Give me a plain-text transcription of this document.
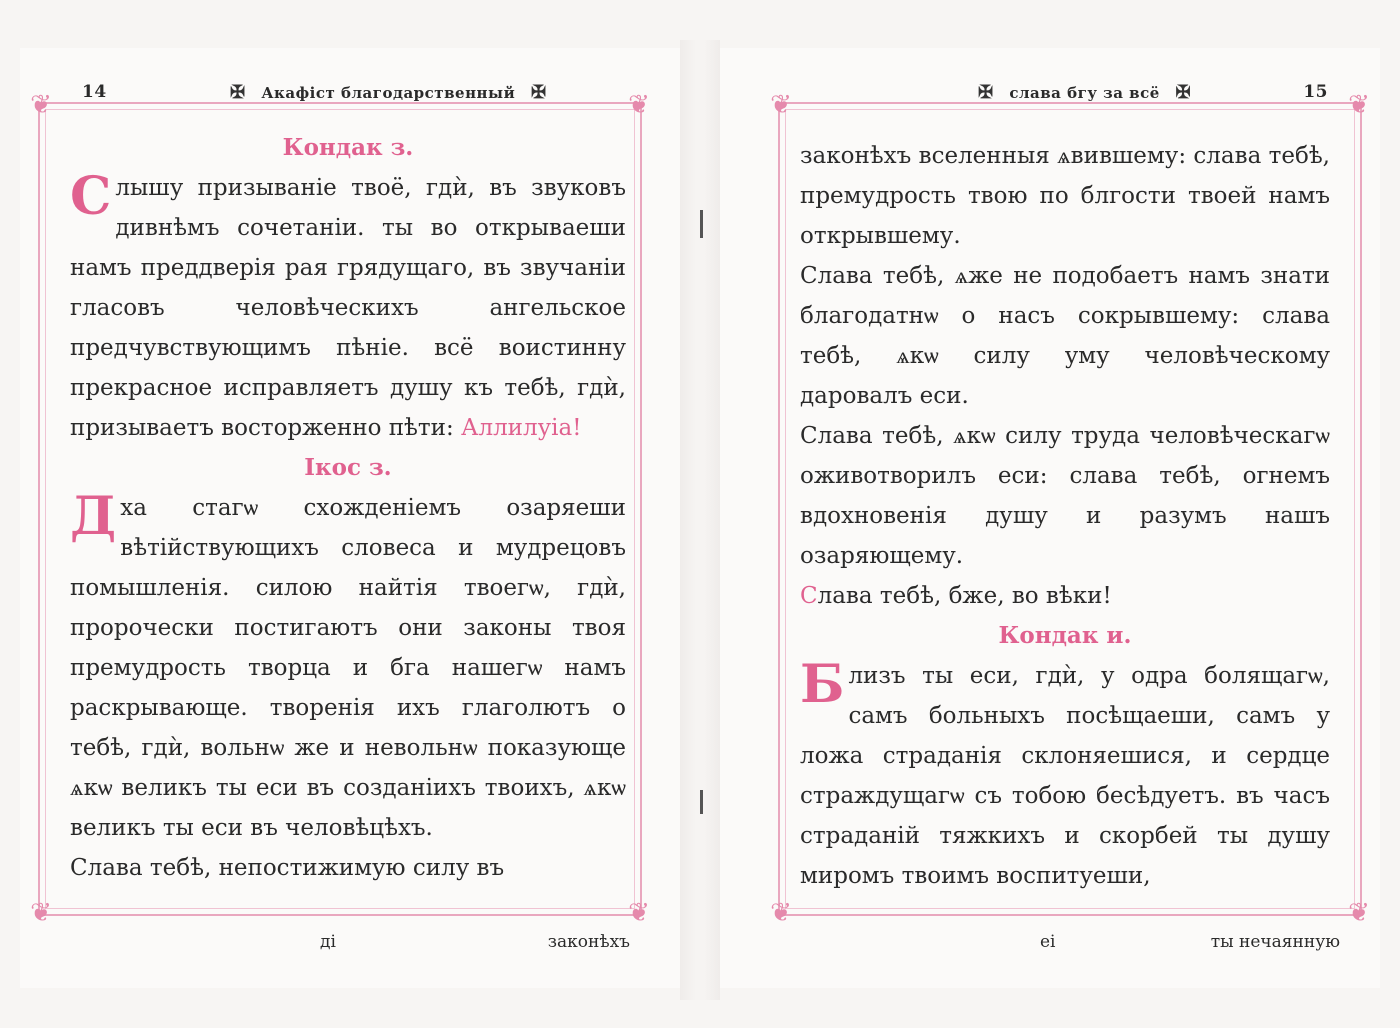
14	✠ Акафіст благодарственный ✠
❦	❦
❦	❦

Кондак з.

С лышу призываніе твоё, гдѝ, въ звуковъ дивнѣмъ сочетаніи. ты во открываеши намъ преддверія рая грядущаго, въ звучаніи гласовъ человѣческихъ ангельское предчувствующимъ пѣніе. всё воистинну прекрасное исправляетъ душу къ тебѣ, гдѝ, призываетъ восторженно пѣти: Аллилуіа!

Ікос з.

Д ха стагѡ схожденіемъ озаряеши вѣтійствующихъ словеса и мудрецовъ помышленія. силою найтія твоегѡ, гдѝ, пророчески постигаютъ они законы твоя премудрость творца и бга нашегѡ намъ раскрывающе. творенія ихъ глаголютъ о тебѣ, гдѝ, вольнѡ же и невольнѡ показующе ѧкѡ великъ ты еси въ созданіихъ твоихъ, ѧкѡ великъ ты еси въ человѣцѣхъ.

Слава тебѣ, непостижимую силу въ

ді	законѣхъ
✠ слава бгу за всё ✠	15
❦	❦
❦	❦

законѣхъ вселенныя ѧвившему: слава тебѣ, премудрость твою по блгости твоей намъ открывшему.

Слава тебѣ, ѧже не подобаетъ намъ знати благодатнѡ о насъ сокрывшему: слава тебѣ, ѧкѡ силу уму человѣческому даровалъ еси.

Слава тебѣ, ѧкѡ силу труда человѣческагѡ оживотворилъ еси: слава тебѣ, огнемъ вдохновенія душу и разумъ нашъ озаряющему.

Слава тебѣ, бже, во вѣки!

Кондак и.

Б лизъ ты еси, гдѝ, у одра болящагѡ, самъ больныхъ посѣщаеши, самъ у ложа страданія склоняешися, и сердце страждущагѡ съ тобою бесѣдуетъ. въ часъ страданій тяжкихъ и скорбей ты душу миромъ твоимъ воспитуеши,

еі	ты нечаянную
